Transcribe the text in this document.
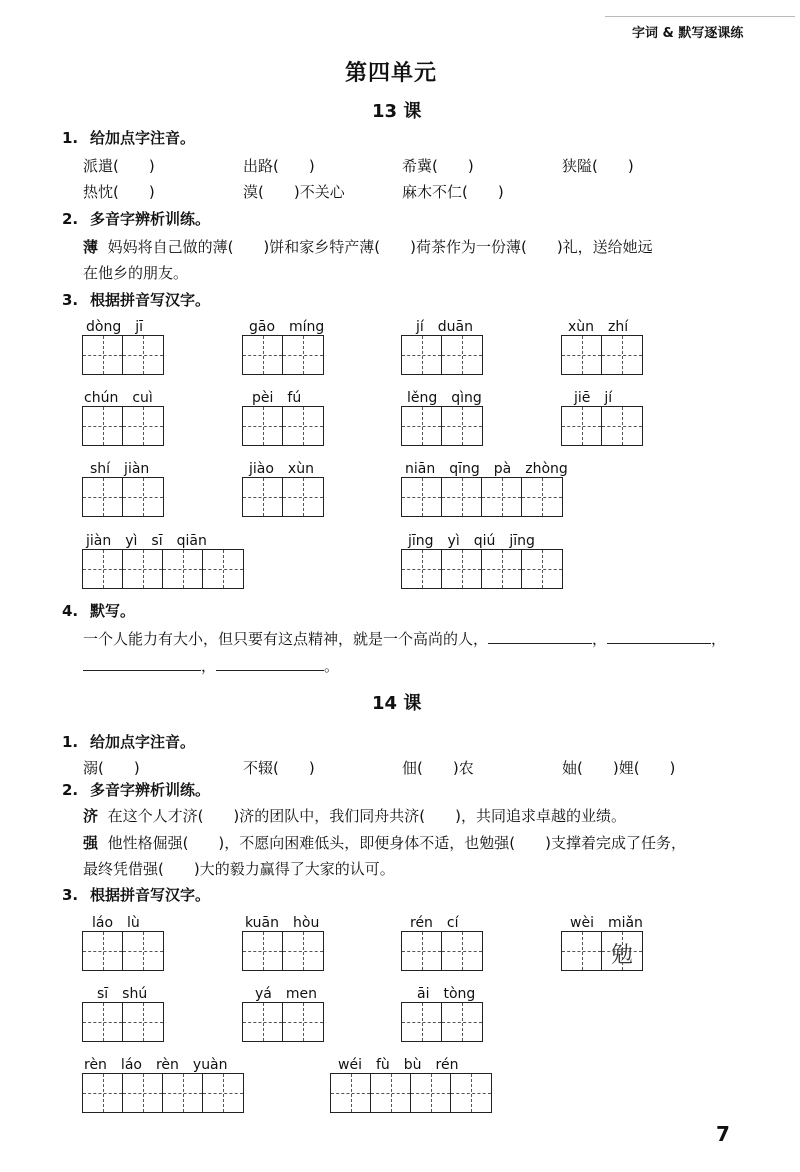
字词 & 默写逐课练
第四单元
13 课
1. 给加点字注音。
派遣(　　)	出路(　　)	希冀(　　)	狭隘(　　)
热忱(　　)	漠(　　)不关心	麻木不仁(　　)
2. 多音字辨析训练。
薄 妈妈将自己做的薄(　　)饼和家乡特产薄(　　)荷茶作为一份薄(　　)礼，送给她远
在他乡的朋友。
3. 根据拼音写汉字。
dòng　jī	gāo　míng	jí　duān	xùn　zhí
chún　cuì	pèi　fú	lěng　qìng	jiē　jí
shí　jiàn	jiào　xùn	niān　qīng　pà　zhòng
jiàn　yì　sī　qiān	jīng　yì　qiú　jīng
4. 默写。
一个人能力有大小，但只要有这点精神，就是一个高尚的人，	，	，
，	。
14 课
1. 给加点字注音。
溺(　　)	不辍(　　)	佃(　　)农	妯(　　)娌(　　)
2. 多音字辨析训练。
济 在这个人才济(　　)济的团队中，我们同舟共济(　　)，共同追求卓越的业绩。
强 他性格倔强(　　)，不愿向困难低头，即便身体不适，也勉强(　　)支撑着完成了任务，
最终凭借强(　　)大的毅力赢得了大家的认可。
3. 根据拼音写汉字。
láo　lù	kuān　hòu	rén　cí	wèi　miǎn
勉
sī　shú	yá　men	āi　tòng
rèn　láo　rèn　yuàn	wéi　fù　bù　rén
7
